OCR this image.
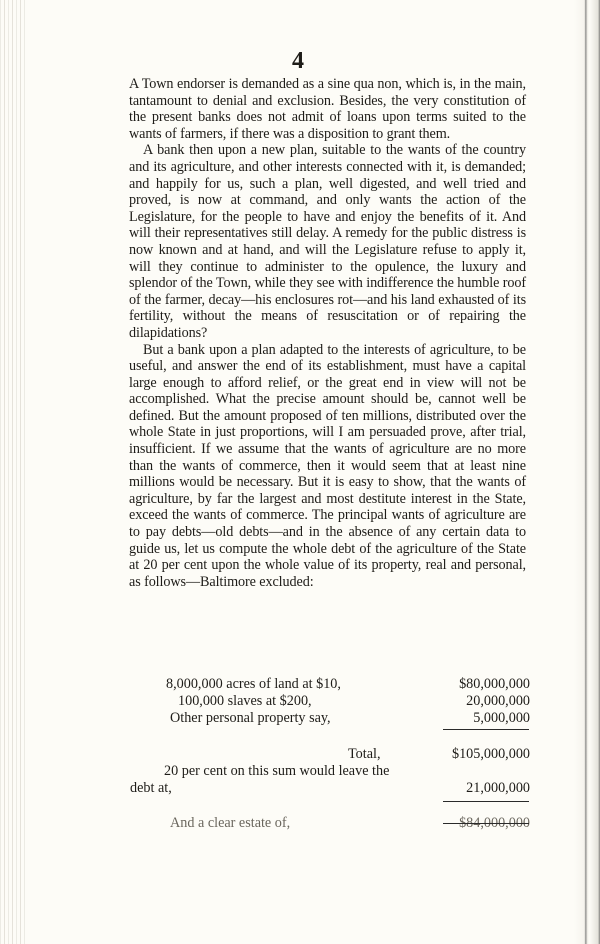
4

A Town endorser is demanded as a sine qua non, which is, in the main, tantamount to denial and exclusion. Besides, the very constitution of the present banks does not admit of loans upon terms suited to the wants of farmers, if there was a disposition to grant them.

A bank then upon a new plan, suitable to the wants of the country and its agriculture, and other interests connected with it, is demanded; and happily for us, such a plan, well digested, and well tried and proved, is now at command, and only wants the action of the Legislature, for the people to have and enjoy the benefits of it. And will their representatives still delay. A remedy for the public distress is now known and at hand, and will the Legislature refuse to apply it, will they continue to administer to the opulence, the luxury and splendor of the Town, while they see with indifference the humble roof of the farmer, decay—his enclosures rot—and his land exhausted of its fertility, without the means of resuscitation or of repairing the dilapidations?

But a bank upon a plan adapted to the interests of agriculture, to be useful, and answer the end of its establishment, must have a capital large enough to afford relief, or the great end in view will not be accomplished. What the precise amount should be, cannot well be defined. But the amount proposed of ten millions, distributed over the whole State in just proportions, will I am persuaded prove, after trial, insufficient. If we assume that the wants of agriculture are no more than the wants of commerce, then it would seem that at least nine millions would be necessary. But it is easy to show, that the wants of agriculture, by far the largest and most destitute interest in the State, exceed the wants of commerce. The principal wants of agriculture are to pay debts—old debts—and in the absence of any certain data to guide us, let us compute the whole debt of the agriculture of the State at 20 per cent upon the whole value of its property, real and personal, as follows—Baltimore excluded:

8,000,000 acres of land at $10,	$80,000,000
100,000 slaves at $200,	20,000,000
Other personal property say,	5,000,000
Total,	$105,000,000
20 per cent on this sum would leave the
debt at,	21,000,000
And a clear estate of,	$84,000,000
